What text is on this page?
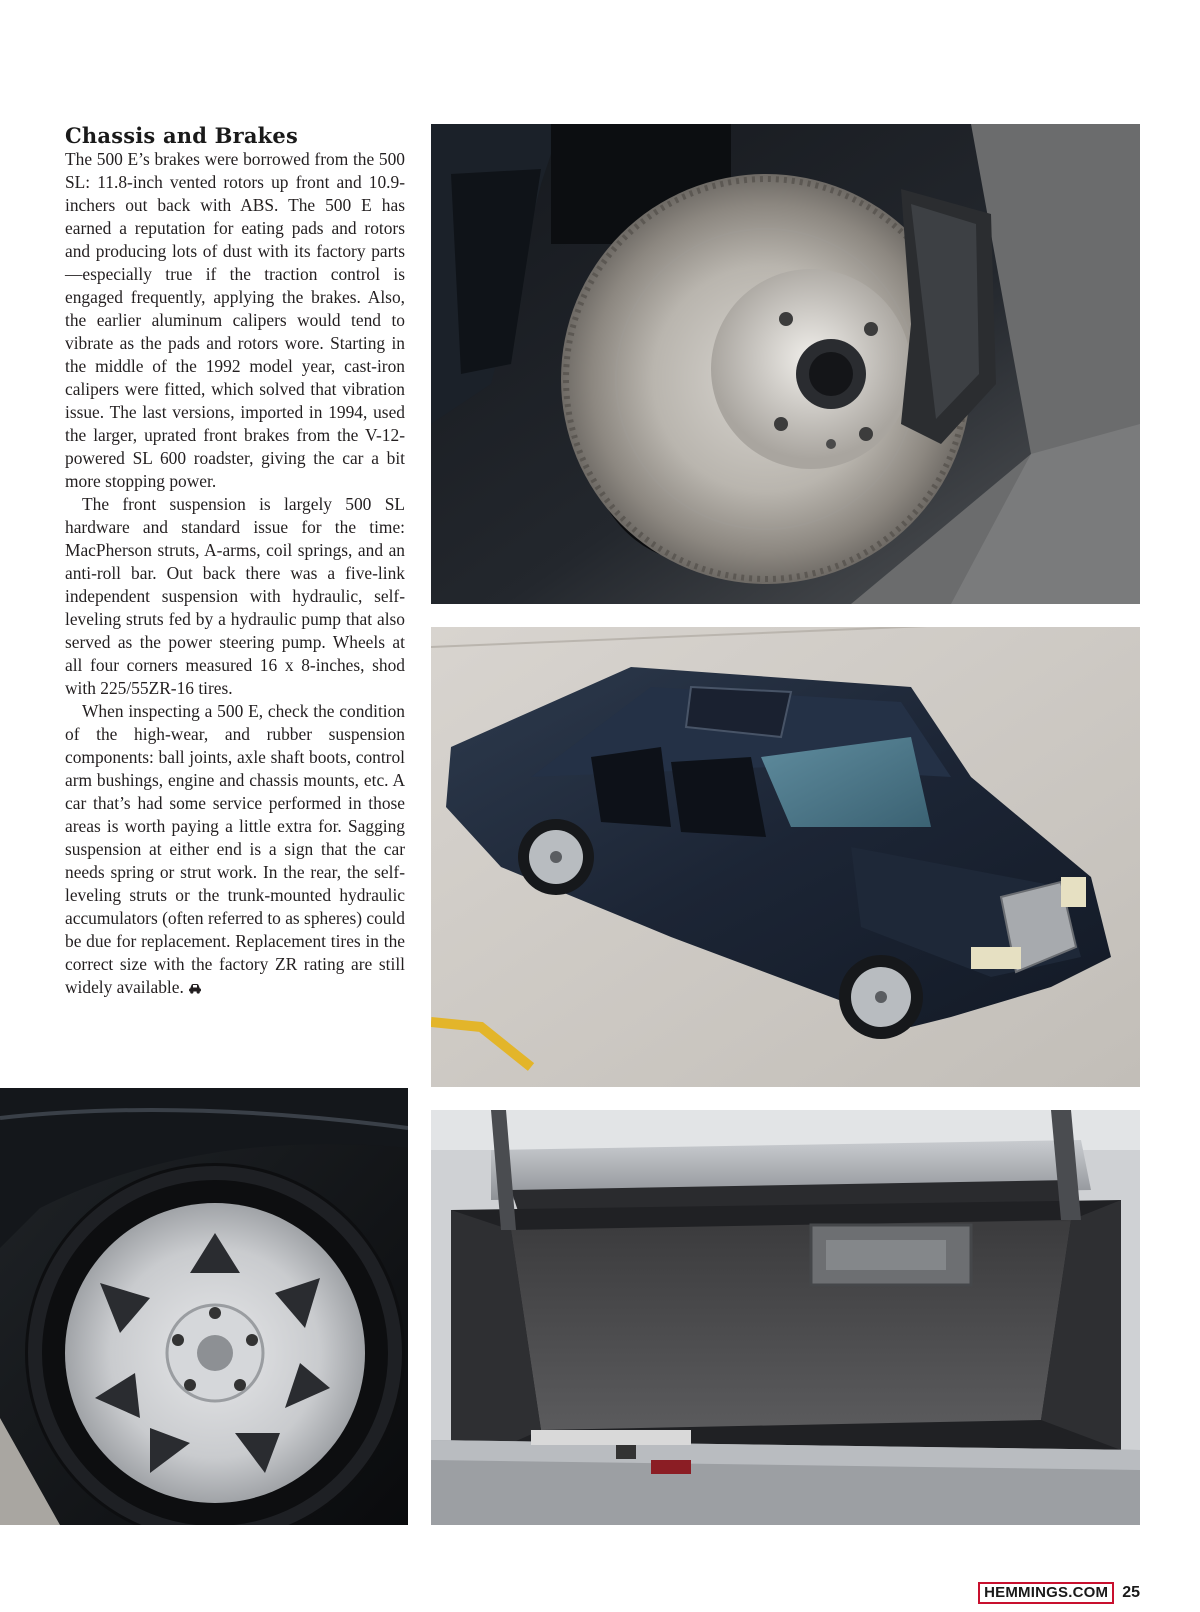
Chassis and Brakes

The 500 E’s brakes were borrowed from the 500 SL: 11.8-inch vented rotors up front and 10.9-inchers out back with ABS. The 500 E has earned a reputation for eating pads and rotors and producing lots of dust with its factory parts—especially true if the traction control is engaged frequently, applying the brakes. Also, the earlier aluminum calipers would tend to vibrate as the pads and rotors wore. Starting in the middle of the 1992 model year, cast-iron calipers were fitted, which solved that vibration issue. The last versions, imported in 1994, used the larger, uprated front brakes from the V-12-powered SL 600 roadster, giving the car a bit more stopping power.

The front suspension is largely 500 SL hardware and standard issue for the time: MacPherson struts, A-arms, coil springs, and an anti-roll bar. Out back there was a five-link independent suspension with hydraulic, self-leveling struts fed by a hydraulic pump that also served as the power steering pump. Wheels at all four corners measured 16 x 8-inches, shod with 225/55ZR-16 tires.

When inspecting a 500 E, check the condition of the high-wear, and rubber suspension components: ball joints, axle shaft boots, control arm bushings, engine and chassis mounts, etc. A car that’s had some service performed in those areas is worth paying a little extra for. Sagging suspension at either end is a sign that the car needs spring or strut work. In the rear, the self-leveling struts or the trunk-mounted hydraulic accumulators (often referred to as spheres) could be due for replacement. Replacement tires in the correct size with the factory ZR rating are still widely available.

HEMMINGS.COM 25
